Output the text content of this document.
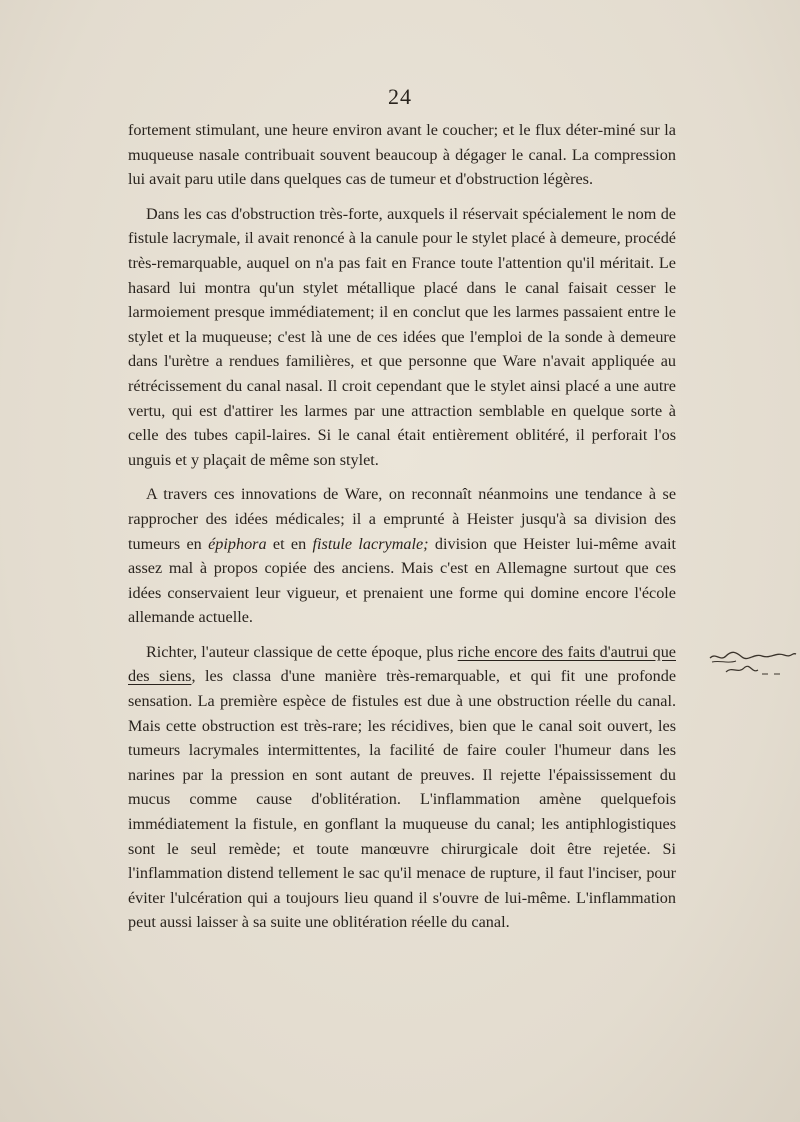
24

fortement stimulant, une heure environ avant le coucher; et le flux déter-miné sur la muqueuse nasale contribuait souvent beaucoup à dégager le canal. La compression lui avait paru utile dans quelques cas de tumeur et d'obstruction légères.

Dans les cas d'obstruction très-forte, auxquels il réservait spécialement le nom de fistule lacrymale, il avait renoncé à la canule pour le stylet placé à demeure, procédé très-remarquable, auquel on n'a pas fait en France toute l'attention qu'il méritait. Le hasard lui montra qu'un stylet métallique placé dans le canal faisait cesser le larmoiement presque immédiatement; il en conclut que les larmes passaient entre le stylet et la muqueuse; c'est là une de ces idées que l'emploi de la sonde à demeure dans l'urètre a rendues familières, et que personne que Ware n'avait appliquée au rétrécissement du canal nasal. Il croit cependant que le stylet ainsi placé a une autre vertu, qui est d'attirer les larmes par une attraction semblable en quelque sorte à celle des tubes capil-laires. Si le canal était entièrement oblitéré, il perforait l'os unguis et y plaçait de même son stylet.

A travers ces innovations de Ware, on reconnaît néanmoins une tendance à se rapprocher des idées médicales; il a emprunté à Heister jusqu'à sa division des tumeurs en épiphora et en fistule lacrymale; division que Heister lui-même avait assez mal à propos copiée des anciens. Mais c'est en Allemagne surtout que ces idées conservaient leur vigueur, et prenaient une forme qui domine encore l'école allemande actuelle.

Richter, l'auteur classique de cette époque, plus riche encore des faits d'autrui que des siens, les classa d'une manière très-remarquable, et qui fit une profonde sensation. La première espèce de fistules est due à une obstruction réelle du canal. Mais cette obstruction est très-rare; les récidives, bien que le canal soit ouvert, les tumeurs lacrymales intermittentes, la facilité de faire couler l'humeur dans les narines par la pression en sont autant de preuves. Il rejette l'épaississement du mucus comme cause d'oblitération. L'inflammation amène quelquefois immédiatement la fistule, en gonflant la muqueuse du canal; les antiphlogistiques sont le seul remède; et toute manœuvre chirurgicale doit être rejetée. Si l'inflammation distend tellement le sac qu'il menace de rupture, il faut l'inciser, pour éviter l'ulcération qui a toujours lieu quand il s'ouvre de lui-même. L'inflammation peut aussi laisser à sa suite une oblitération réelle du canal.
